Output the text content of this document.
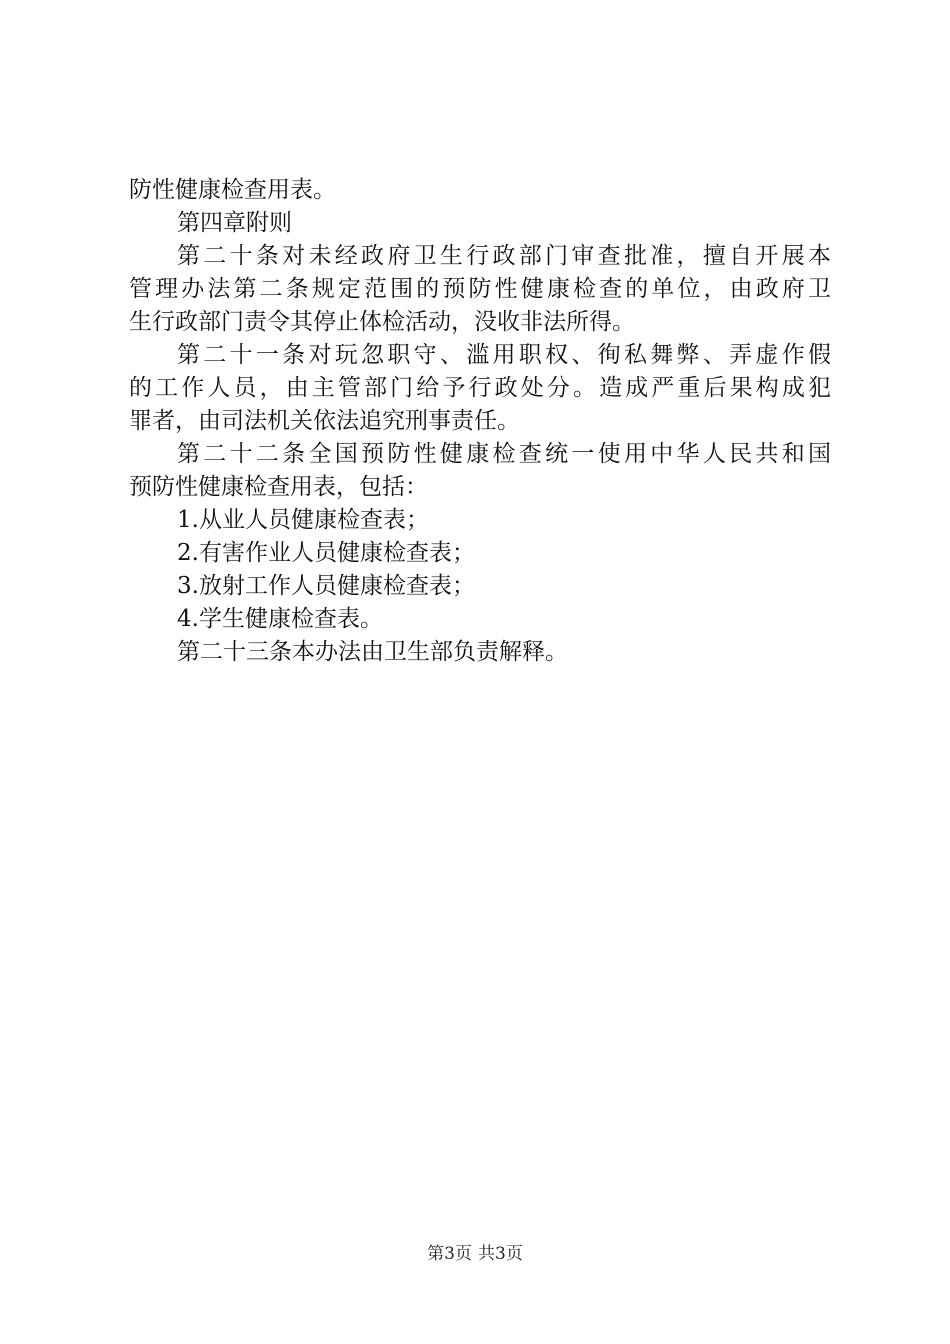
防性健康检查用表。
第四章附则
第二十条对未经政府卫生行政部门审查批准，擅自开展本
管理办法第二条规定范围的预防性健康检查的单位，由政府卫
生行政部门责令其停止体检活动，没收非法所得。
第二十一条对玩忽职守、滥用职权、徇私舞弊、弄虚作假
的工作人员，由主管部门给予行政处分。造成严重后果构成犯
罪者，由司法机关依法追究刑事责任。
第二十二条全国预防性健康检查统一使用中华人民共和国
预防性健康检查用表，包括：
1.从业人员健康检查表；
2.有害作业人员健康检查表；
3.放射工作人员健康检查表；
4.学生健康检查表。
第二十三条本办法由卫生部负责解释。
第3页 共3页
